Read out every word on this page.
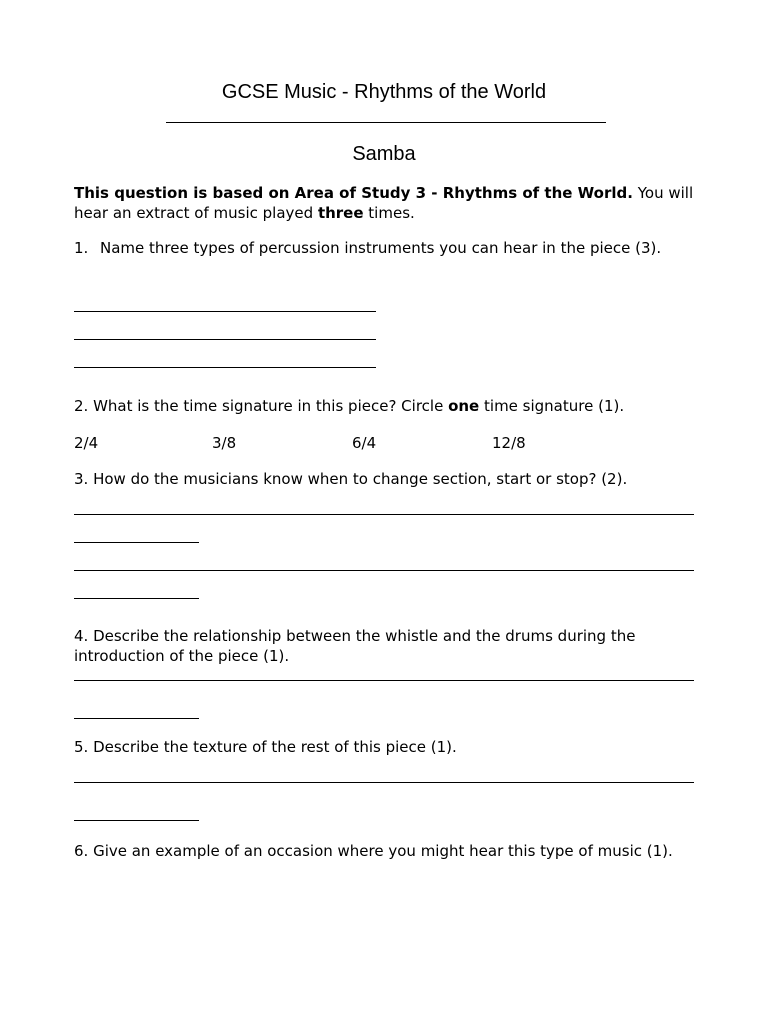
GCSE Music - Rhythms of the World
Samba
This question is based on Area of Study 3 - Rhythms of the World. You will hear an extract of music played three times.
1. Name three types of percussion instruments you can hear in the piece (3).
2. What is the time signature in this piece? Circle one time signature (1).
2/4	3/8	6/4	12/8
3. How do the musicians know when to change section, start or stop? (2).
4. Describe the relationship between the whistle and the drums during the introduction of the piece (1).
5. Describe the texture of the rest of this piece (1).
6. Give an example of an occasion where you might hear this type of music (1).
